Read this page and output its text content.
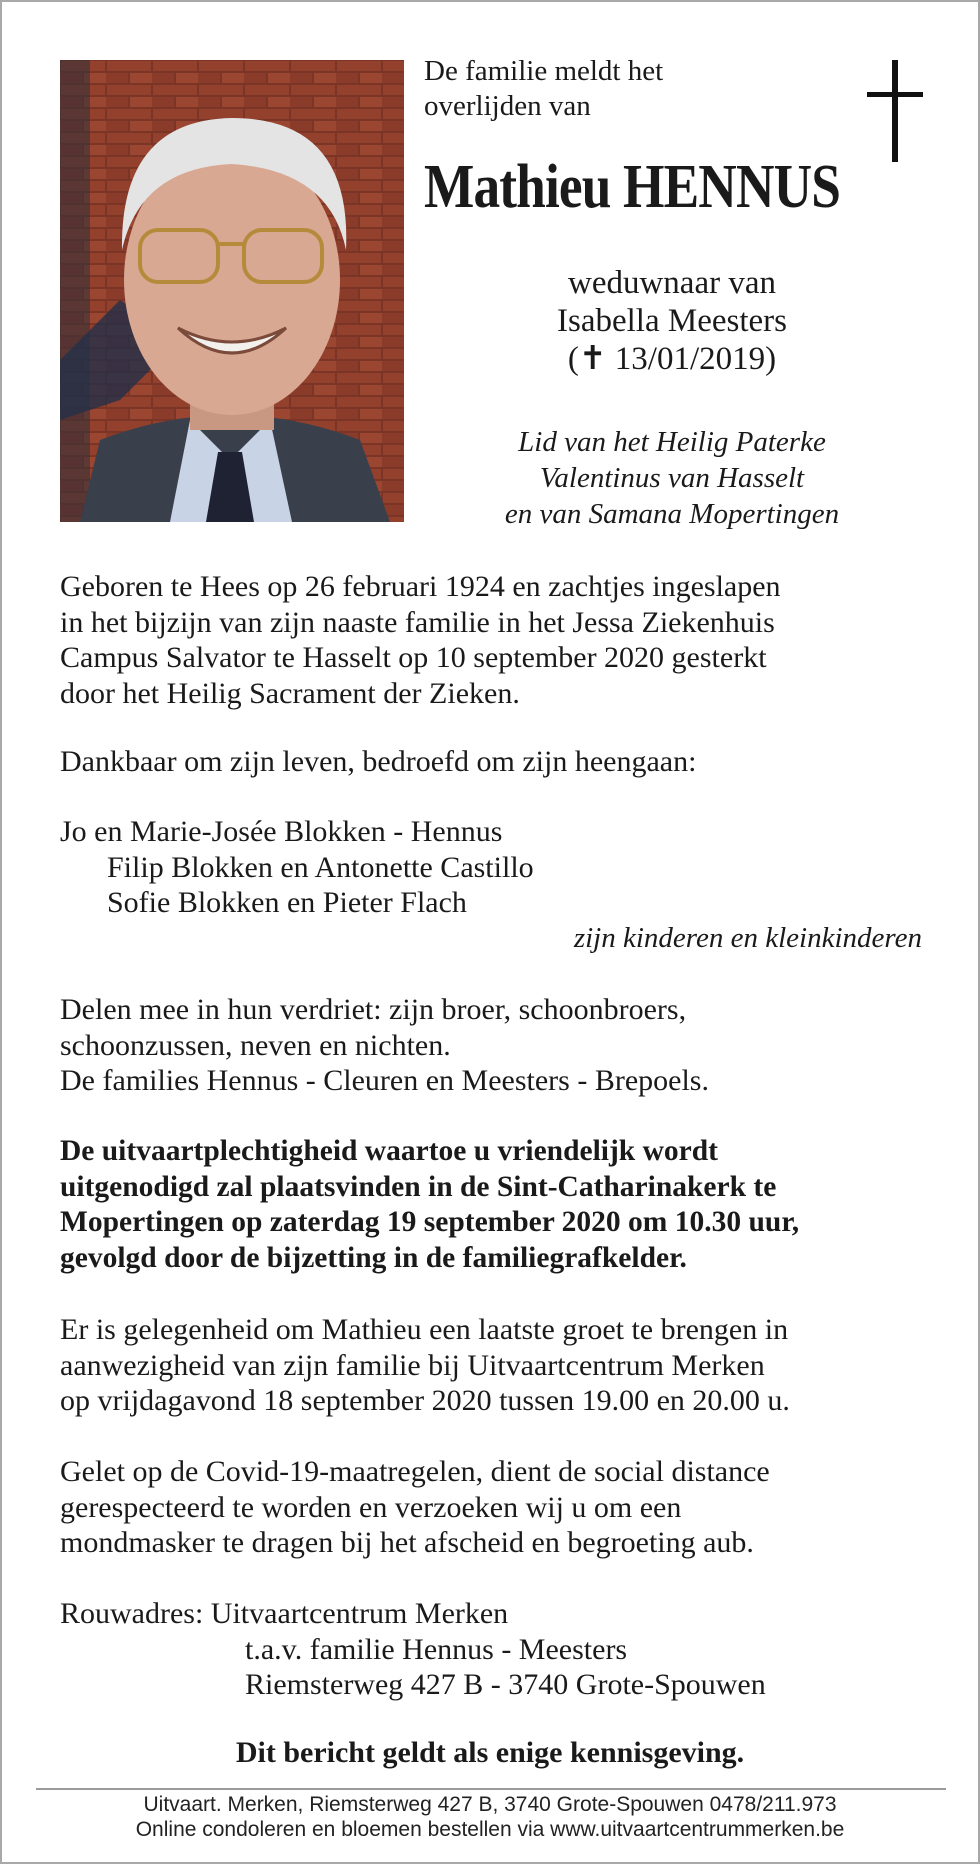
De familie meldt het
overlijden van
Mathieu HENNUS
weduwnaar van
Isabella Meesters
(✝ 13/01/2019)
Lid van het Heilig Paterke
Valentinus van Hasselt
en van Samana Mopertingen
Geboren te Hees op 26 februari 1924 en zachtjes ingeslapen
in het bijzijn van zijn naaste familie in het Jessa Ziekenhuis
Campus Salvator te Hasselt op 10 september 2020 gesterkt
door het Heilig Sacrament der Zieken.
Dankbaar om zijn leven, bedroefd om zijn heengaan:
Jo en Marie-Josée Blokken - Hennus
Filip Blokken en Antonette Castillo
Sofie Blokken en Pieter Flach
zijn kinderen en kleinkinderen
Delen mee in hun verdriet: zijn broer, schoonbroers,
schoonzussen, neven en nichten.
De families Hennus - Cleuren en Meesters - Brepoels.
De uitvaartplechtigheid waartoe u vriendelijk wordt
uitgenodigd zal plaatsvinden in de Sint-Catharinakerk te
Mopertingen op zaterdag 19 september 2020 om 10.30 uur,
gevolgd door de bijzetting in de familiegrafkelder.
Er is gelegenheid om Mathieu een laatste groet te brengen in
aanwezigheid van zijn familie bij Uitvaartcentrum Merken
op vrijdagavond 18 september 2020 tussen 19.00 en 20.00 u.
Gelet op de Covid-19-maatregelen, dient de social distance
gerespecteerd te worden en verzoeken wij u om een
mondmasker te dragen bij het afscheid en begroeting aub.
Rouwadres: Uitvaartcentrum Merken
t.a.v. familie Hennus - Meesters
Riemsterweg 427 B - 3740 Grote-Spouwen
Dit bericht geldt als enige kennisgeving.
Uitvaart. Merken, Riemsterweg 427 B, 3740 Grote-Spouwen 0478/211.973
Online condoleren en bloemen bestellen via www.uitvaartcentrummerken.be
